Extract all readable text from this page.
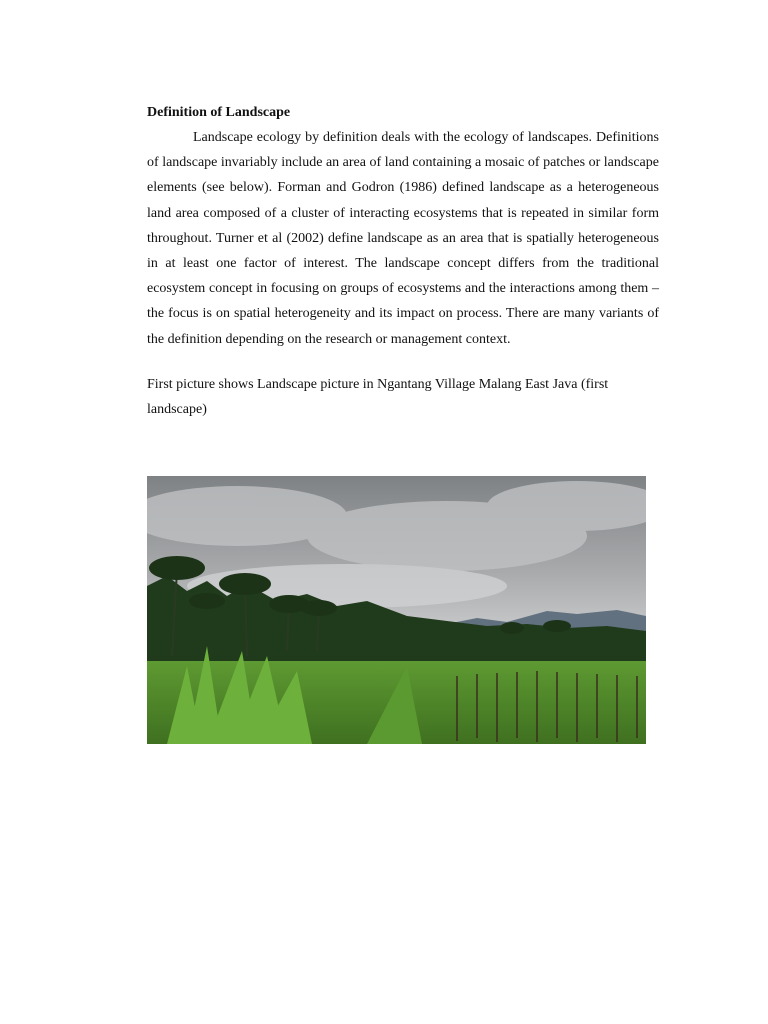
Definition of Landscape

Landscape ecology by definition deals with the ecology of landscapes. Definitions of landscape invariably include an area of land containing a mosaic of patches or landscape elements (see below). Forman and Godron (1986) defined landscape as a heterogeneous land area composed of a cluster of interacting ecosystems that is repeated in similar form throughout. Turner et al (2002) define landscape as an area that is spatially heterogeneous in at least one factor of interest. The landscape concept differs from the traditional ecosystem concept in focusing on groups of ecosystems and the interactions among them – the focus is on spatial heterogeneity and its impact on process. There are many variants of the definition depending on the research or management context.

First picture shows Landscape picture in Ngantang Village Malang East Java (first landscape)
